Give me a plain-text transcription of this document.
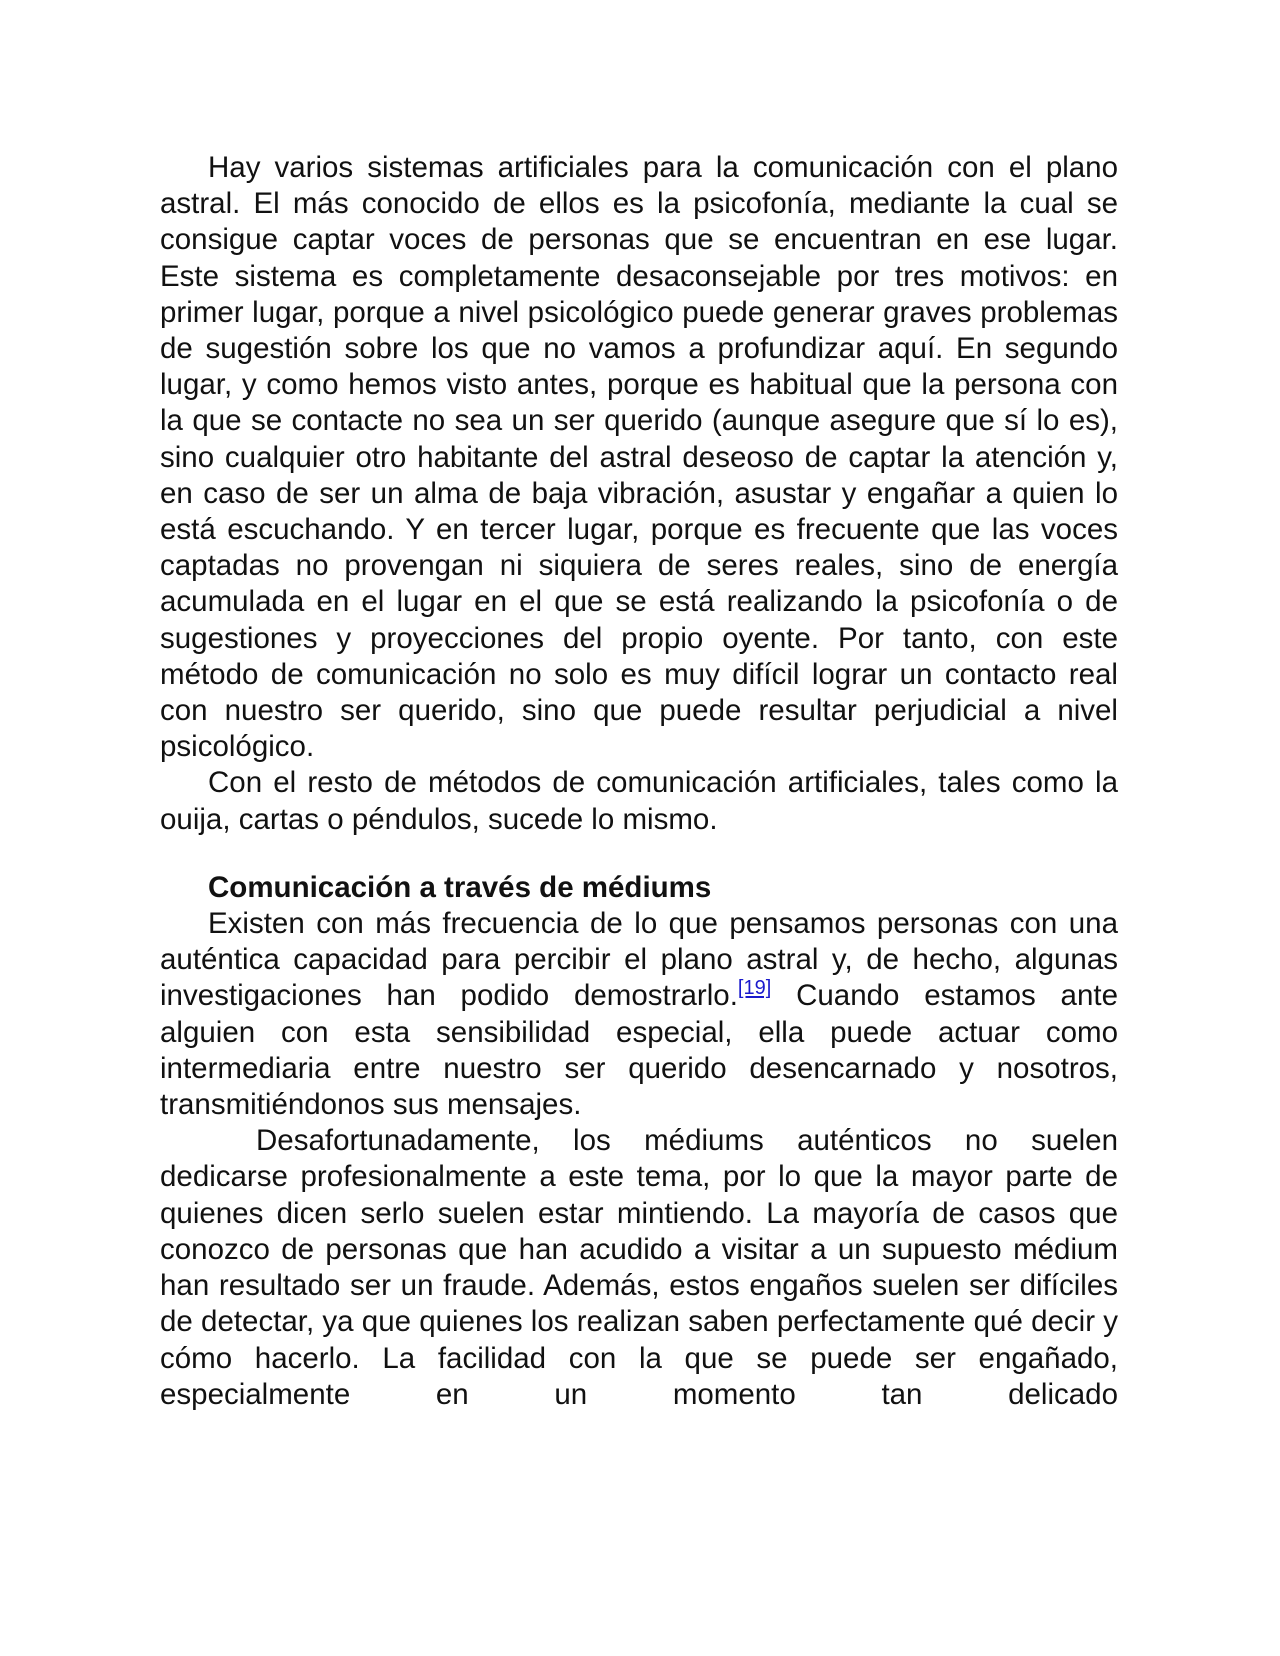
Hay varios sistemas artificiales para la comunicación con el plano astral. El más conocido de ellos es la psicofonía, mediante la cual se consigue captar voces de personas que se encuentran en ese lugar. Este sistema es completamente desaconsejable por tres motivos: en primer lugar, porque a nivel psicológico puede generar graves problemas de sugestión sobre los que no vamos a profundizar aquí. En segundo lugar, y como hemos visto antes, porque es habitual que la persona con la que se contacte no sea un ser querido (aunque asegure que sí lo es), sino cualquier otro habitante del astral deseoso de captar la atención y, en caso de ser un alma de baja vibración, asustar y engañar a quien lo está escuchando. Y en tercer lugar, porque es frecuente que las voces captadas no provengan ni siquiera de seres reales, sino de energía acumulada en el lugar en el que se está realizando la psicofonía o de sugestiones y proyecciones del propio oyente. Por tanto, con este método de comunicación no solo es muy difícil lograr un contacto real con nuestro ser querido, sino que puede resultar perjudicial a nivel psicológico.

Con el resto de métodos de comunicación artificiales, tales como la ouija, cartas o péndulos, sucede lo mismo.

Comunicación a través de médiums

Existen con más frecuencia de lo que pensamos personas con una auténtica capacidad para percibir el plano astral y, de hecho, algunas investigaciones han podido demostrarlo.[19] Cuando estamos ante alguien con esta sensibilidad especial, ella puede actuar como intermediaria entre nuestro ser querido desencarnado y nosotros, transmitiéndonos sus mensajes.

Desafortunadamente, los médiums auténticos no suelen dedicarse profesionalmente a este tema, por lo que la mayor parte de quienes dicen serlo suelen estar mintiendo. La mayoría de casos que conozco de personas que han acudido a visitar a un supuesto médium han resultado ser un fraude. Además, estos engaños suelen ser difíciles de detectar, ya que quienes los realizan saben perfectamente qué decir y cómo hacerlo. La facilidad con la que se puede ser engañado, especialmente en un momento tan delicado
